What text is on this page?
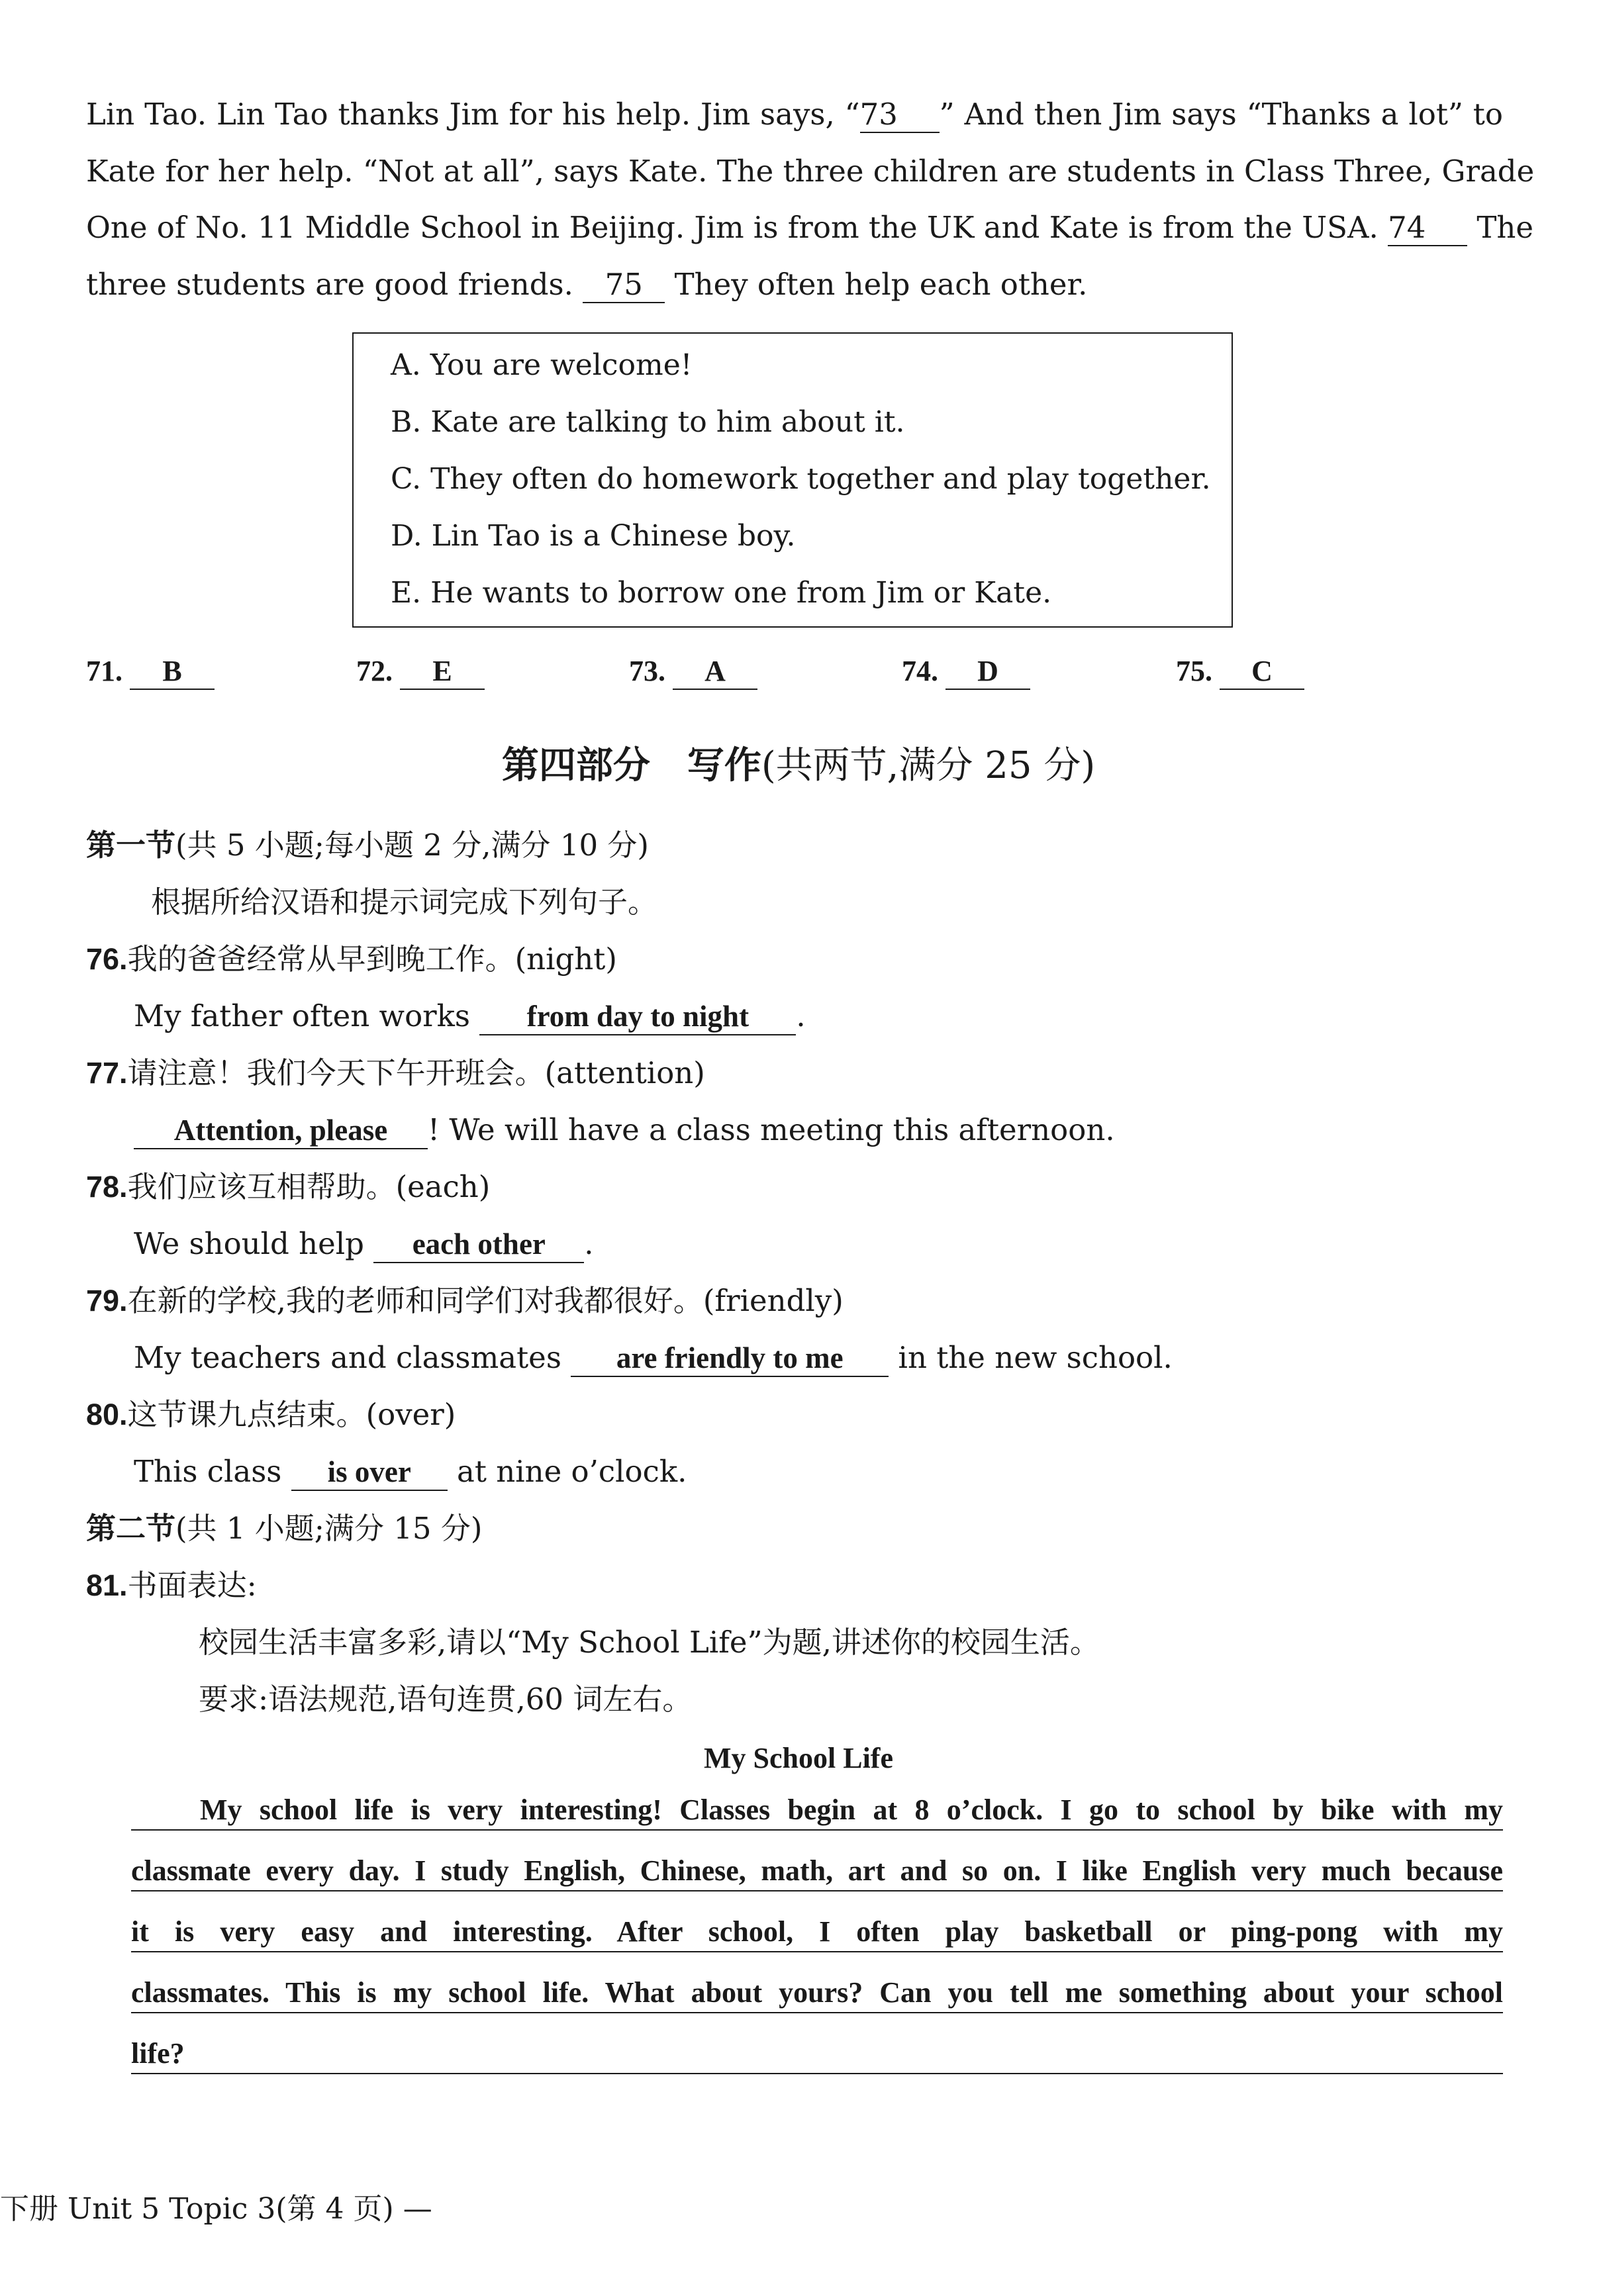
Lin Tao. Lin Tao thanks Jim for his help. Jim says, “73 ” And then Jim says “Thanks a lot” to
Kate for her help. “Not at all”, says Kate. The three children are students in Class Three, Grade
One of No. 11 Middle School in Beijing. Jim is from the UK and Kate is from the USA. 74 The
three students are good friends. 75 They often help each other.
A. You are welcome!
B. Kate are talking to him about it.
C. They often do homework together and play together.
D. Lin Tao is a Chinese boy.
E. He wants to borrow one from Jim or Kate.
71. B	72. E	73. A	74. D	75. C
第四部分　写作(共两节,满分 25 分)
第一节(共 5 小题;每小题 2 分,满分 10 分)
根据所给汉语和提示词完成下列句子。
76.我的爸爸经常从早到晚工作。(night)
My father often works from day to night .
77.请注意！我们今天下午开班会。(attention)
Attention, please ! We will have a class meeting this afternoon.
78.我们应该互相帮助。(each)
We should help each other .
79.在新的学校,我的老师和同学们对我都很好。(friendly)
My teachers and classmates are friendly to me in the new school.
80.这节课九点结束。(over)
This class is over at nine o’clock.
第二节(共 1 小题;满分 15 分)
81.书面表达:
校园生活丰富多彩,请以“My School Life”为题,讲述你的校园生活。
要求:语法规范,语句连贯,60 词左右。
My School Life
My school life is very interesting! Classes begin at 8 o’clock. I go to school by bike with my
classmate every day. I study English, Chinese, math, art and so on. I like English very much because
it is very easy and interesting. After school, I often play basketball or ping-pong with my
classmates. This is my school life. What about yours? Can you tell me something about your school
life?
下册 Unit 5 Topic 3(第 4 页) —
